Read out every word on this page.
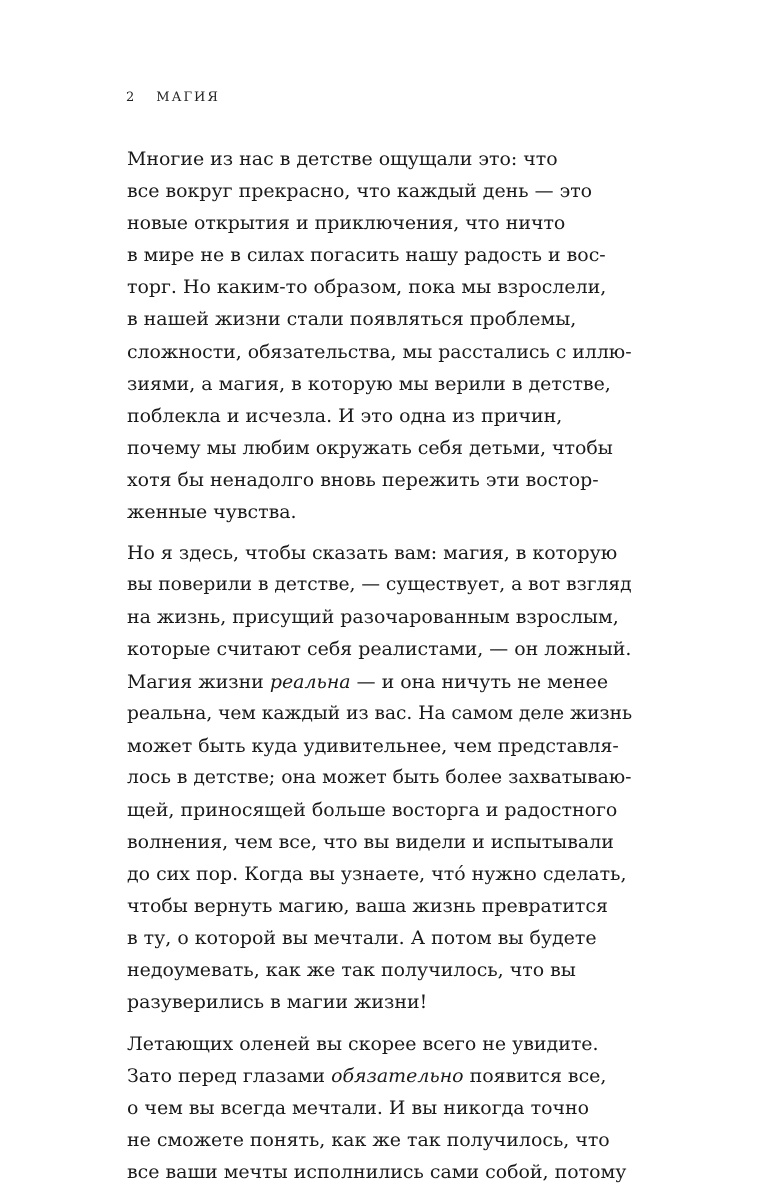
2 МАГИЯ
Многие из нас в детстве ощущали это: что
все вокруг прекрасно, что каждый день — это
новые открытия и приключения, что ничто
в мире не в силах погасить нашу радость и вос-
торг. Но каким-то образом, пока мы взрослели,
в нашей жизни стали появляться проблемы,
сложности, обязательства, мы расстались с иллю-
зиями, а магия, в которую мы верили в детстве,
поблекла и исчезла. И это одна из причин,
почему мы любим окружать себя детьми, чтобы
хотя бы ненадолго вновь пережить эти востор-
женные чувства.
Но я здесь, чтобы сказать вам: магия, в которую
вы поверили в детстве, — существует, а вот взгляд
на жизнь, присущий разочарованным взрослым,
которые считают себя реалистами, — он ложный.
Магия жизни реальна — и она ничуть не менее
реальна, чем каждый из вас. На самом деле жизнь
может быть куда удивительнее, чем представля-
лось в детстве; она может быть более захватываю-
щей, приносящей больше восторга и радостного
волнения, чем все, что вы видели и испытывали
до сих пор. Когда вы узнаете, что́ нужно сделать,
чтобы вернуть магию, ваша жизнь превратится
в ту, о которой вы мечтали. А потом вы будете
недоумевать, как же так получилось, что вы
разуверились в магии жизни!
Летающих оленей вы скорее всего не увидите.
Зато перед глазами обязательно появится все,
о чем вы всегда мечтали. И вы никогда точно
не сможете понять, как же так получилось, что
все ваши мечты исполнились сами собой, потому
